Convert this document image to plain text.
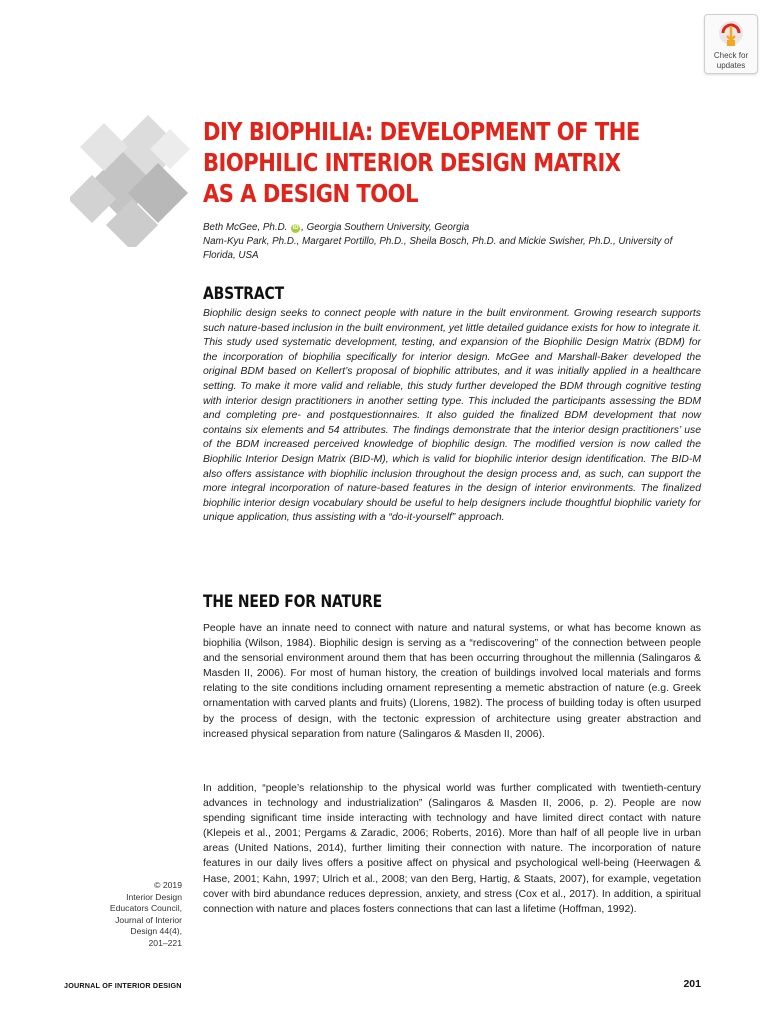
Check for
updates
DIY BIOPHILIA: DEVELOPMENT OF THE BIOPHILIC INTERIOR DESIGN MATRIX AS A DESIGN TOOL
Beth McGee, Ph.D. iD , Georgia Southern University, Georgia
Nam-Kyu Park, Ph.D., Margaret Portillo, Ph.D., Sheila Bosch, Ph.D. and Mickie Swisher, Ph.D., University of Florida, USA
ABSTRACT

Biophilic design seeks to connect people with nature in the built environment. Growing research supports such nature-based inclusion in the built environment, yet little detailed guidance exists for how to integrate it. This study used systematic development, testing, and expansion of the Biophilic Design Matrix (BDM) for the incorporation of biophilia specifically for interior design. McGee and Marshall-Baker developed the original BDM based on Kellert’s proposal of biophilic attributes, and it was initially applied in a healthcare setting. To make it more valid and reliable, this study further developed the BDM through cognitive testing with interior design practitioners in another setting type. This included the participants assessing the BDM and completing pre- and postquestionnaires. It also guided the finalized BDM development that now contains six elements and 54 attributes. The findings demonstrate that the interior design practitioners’ use of the BDM increased perceived knowledge of biophilic design. The modified version is now called the Biophilic Interior Design Matrix (BID-M), which is valid for biophilic interior design identification. The BID-M also offers assistance with biophilic inclusion throughout the design process and, as such, can support the more integral incorporation of nature-based features in the design of interior environments. The finalized biophilic interior design vocabulary should be useful to help designers include thoughtful biophilic variety for unique application, thus assisting with a “do-it-yourself” approach.

THE NEED FOR NATURE

People have an innate need to connect with nature and natural systems, or what has become known as biophilia (Wilson, 1984). Biophilic design is serving as a “rediscovering” of the connection between people and the sensorial environment around them that has been occurring throughout the millennia (Salingaros & Masden II, 2006). For most of human history, the creation of buildings involved local materials and forms relating to the site conditions including ornament representing a memetic abstraction of nature (e.g. Greek ornamentation with carved plants and fruits) (Llorens, 1982). The process of building today is often usurped by the process of design, with the tectonic expression of architecture using greater abstraction and increased physical separation from nature (Salingaros & Masden II, 2006).

In addition, “people’s relationship to the physical world was further complicated with twentieth-century advances in technology and industrialization” (Salingaros & Masden II, 2006, p. 2). People are now spending significant time inside interacting with technology and have limited direct contact with nature (Klepeis et al., 2001; Pergams & Zaradic, 2006; Roberts, 2016). More than half of all people live in urban areas (United Nations, 2014), further limiting their connection with nature. The incorporation of nature features in our daily lives offers a positive affect on physical and psychological well-being (Heerwagen & Hase, 2001; Kahn, 1997; Ulrich et al., 2008; van den Berg, Hartig, & Staats, 2007), for example, vegetation cover with bird abundance reduces depression, anxiety, and stress (Cox et al., 2017). In addition, a spiritual connection with nature and places fosters connections that can last a lifetime (Hoffman, 1992).

© 2019
Interior Design
Educators Council,
Journal of Interior
Design 44(4),
201–221
JOURNAL OF INTERIOR DESIGN	201
